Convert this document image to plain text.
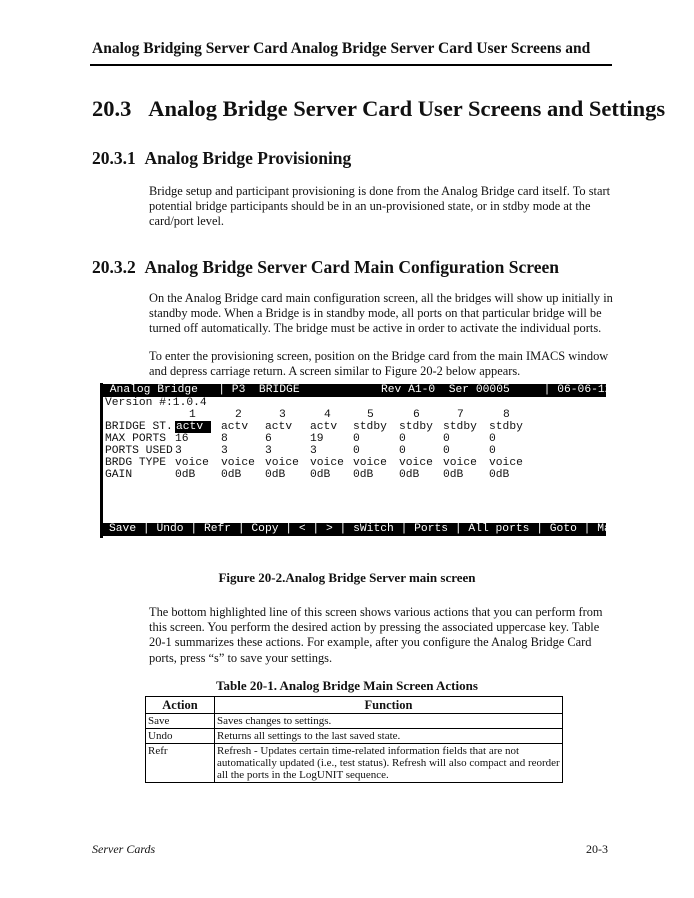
Analog Bridging Server Card Analog Bridge Server Card User Screens and
20.3 Analog Bridge Server Card User Screens and Settings
20.3.1 Analog Bridge Provisioning
Bridge setup and participant provisioning is done from the Analog Bridge card itself. To start potential bridge participants should be in an un-provisioned state, or in stdby mode at the card/port level.
20.3.2 Analog Bridge Server Card Main Configuration Screen
On the Analog Bridge card main configuration screen, all the bridges will show up initially in standby mode. When a Bridge is in standby mode, all ports on that particular bridge will be turned off automatically. The bridge must be active in order to activate the individual ports.
To enter the provisioning screen, position on the Bridge card from the main IMACS window and depress carriage return. A screen similar to Figure 20-2 below appears.
Analog Bridge   | P3  BRIDGE            Rev A1-0  Ser 00005     | 06-06-12 09:21
Version #:1.0.4
1	2	3	4	5	6	7	8
BRIDGE ST. actv	actv actv actv stdby stdby stdby stdby
MAX PORTS 16	8	6	19	0	0	0	0
PORTS USED 3	3	3	3	0	0	0	0
BRDG TYPE voice voice voice voice voice voice voice voice
GAIN	0dB 0dB 0dB 0dB 0dB 0dB 0dB 0dB
Save | Undo | Refr | Copy | < | > | sWitch | Ports | All ports | Goto | Main
Figure 20-2.Analog Bridge Server main screen
The bottom highlighted line of this screen shows various actions that you can perform from this screen. You perform the desired action by pressing the associated uppercase key. Table 20-1 summarizes these actions. For example, after you configure the Analog Bridge Card ports, press “s” to save your settings.
Table 20-1. Analog Bridge Main Screen Actions
Action	Function
Save	Saves changes to settings.
Undo	Returns all settings to the last saved state.
Refr	Refresh - Updates certain time-related information fields that are not automatically updated (i.e., test status). Refresh will also compact and reorder all the ports in the LogUNIT sequence.
Server Cards	20-3
